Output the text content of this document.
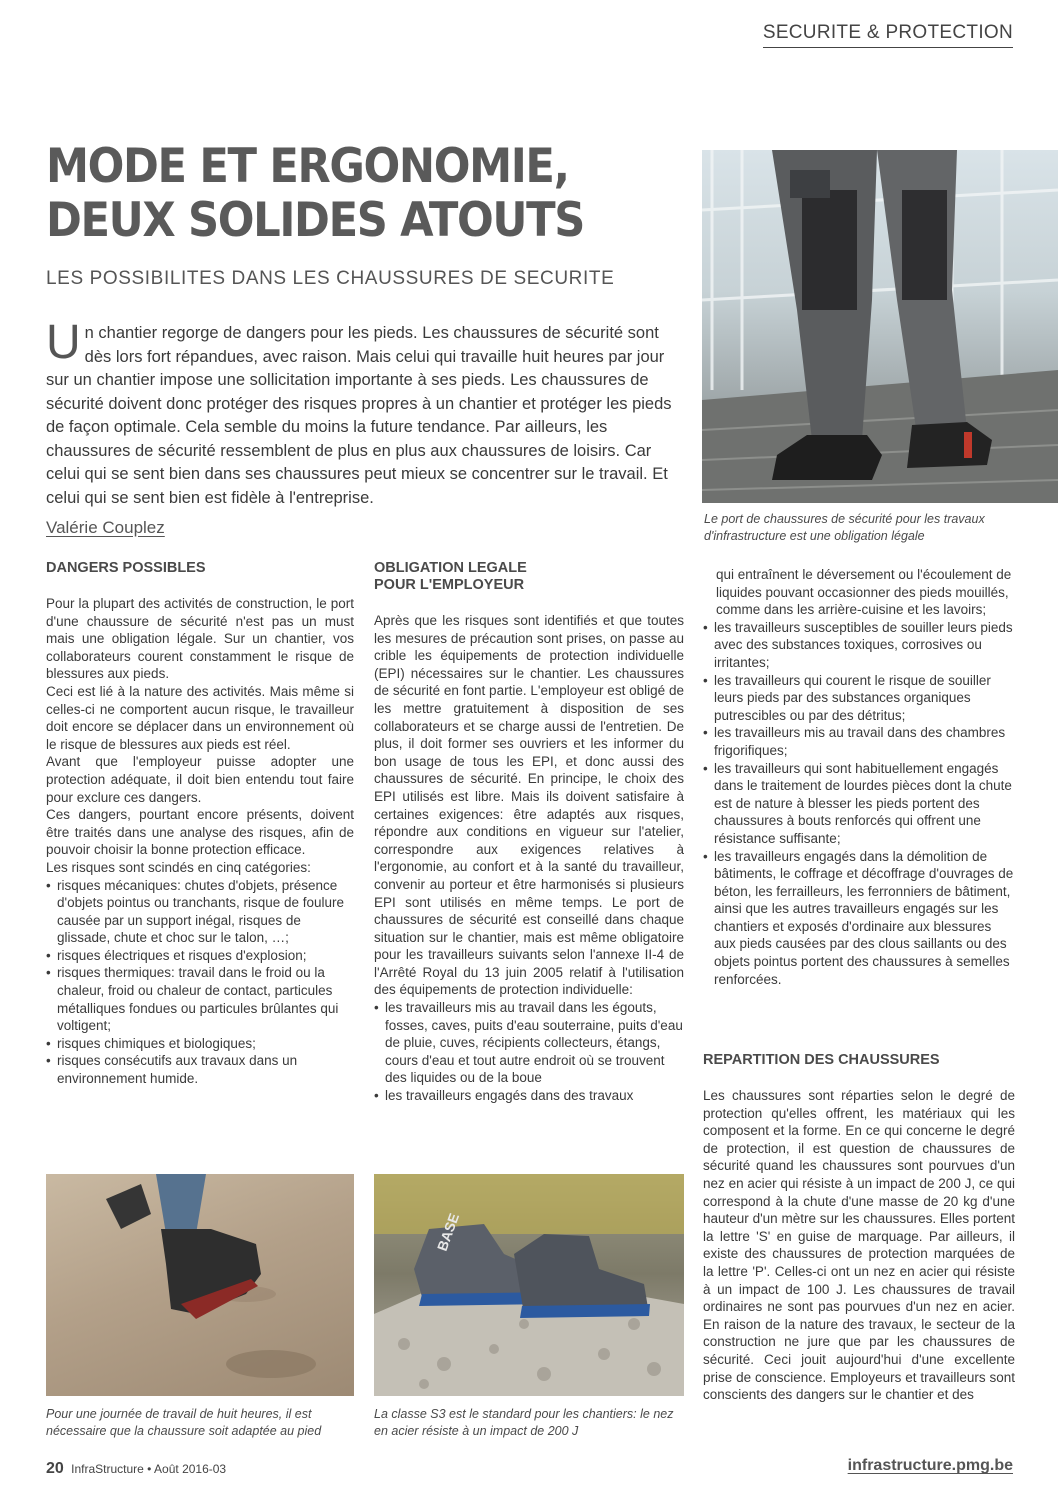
SECURITE & PROTECTION
MODE ET ERGONOMIE, DEUX SOLIDES ATOUTS
LES POSSIBILITES DANS LES CHAUSSURES DE SECURITE
Un chantier regorge de dangers pour les pieds. Les chaussures de sécurité sont dès lors fort répandues, avec raison. Mais celui qui travaille huit heures par jour sur un chantier impose une sollicitation importante à ses pieds. Les chaussures de sécurité doivent donc protéger des risques propres à un chantier et protéger les pieds de façon optimale. Cela semble du moins la future tendance. Par ailleurs, les chaussures de sécurité ressemblent de plus en plus aux chaussures de loisirs. Car celui qui se sent bien dans ses chaussures peut mieux se concentrer sur le travail. Et celui qui se sent bien est fidèle à l'entreprise.
Valérie Couplez
DANGERS POSSIBLES

Pour la plupart des activités de construction, le port d'une chaussure de sécurité n'est pas un must mais une obligation légale. Sur un chantier, vos collaborateurs courent constamment le risque de blessures aux pieds.

Ceci est lié à la nature des activités. Mais même si celles-ci ne comportent aucun risque, le travailleur doit encore se déplacer dans un environnement où le risque de blessures aux pieds est réel.

Avant que l'employeur puisse adopter une protection adéquate, il doit bien entendu tout faire pour exclure ces dangers.

Ces dangers, pourtant encore présents, doivent être traités dans une analyse des risques, afin de pouvoir choisir la bonne protection efficace.

Les risques sont scindés en cinq catégories:

• risques mécaniques: chutes d'objets, présence d'objets pointus ou tranchants, risque de foulure causée par un support inégal, risques de glissade, chute et choc sur le talon, …;
• risques électriques et risques d'explosion;
• risques thermiques: travail dans le froid ou la chaleur, froid ou chaleur de contact, particules métalliques fondues ou particules brûlantes qui voltigent;
• risques chimiques et biologiques;
• risques consécutifs aux travaux dans un environnement humide.
OBLIGATION LEGALE POUR L'EMPLOYEUR

Après que les risques sont identifiés et que toutes les mesures de précaution sont prises, on passe au crible les équipements de protection individuelle (EPI) nécessaires sur le chantier. Les chaussures de sécurité en font partie. L'employeur est obligé de les mettre gratuitement à disposition de ses collaborateurs et se charge aussi de l'entretien. De plus, il doit former ses ouvriers et les informer du bon usage de tous les EPI, et donc aussi des chaussures de sécurité. En principe, le choix des EPI utilisés est libre. Mais ils doivent satisfaire à certaines exigences: être adaptés aux risques, répondre aux conditions en vigueur sur l'atelier, correspondre aux exigences relatives à l'ergonomie, au confort et à la santé du travailleur, convenir au porteur et être harmonisés si plusieurs EPI sont utilisés en même temps. Le port de chaussures de sécurité est conseillé dans chaque situation sur le chantier, mais est même obligatoire pour les travailleurs suivants selon l'annexe II-4 de l'Arrêté Royal du 13 juin 2005 relatif à l'utilisation des équipements de protection individuelle:

• les travailleurs mis au travail dans les égouts, fosses, caves, puits d'eau souterraine, puits d'eau de pluie, cuves, récipients collecteurs, étangs, cours d'eau et tout autre endroit où se trouvent des liquides ou de la boue
• les travailleurs engagés dans des travaux
qui entraînent le déversement ou l'écoulement de liquides pouvant occasionner des pieds mouillés, comme dans les arrière-cuisine et les lavoirs;
• les travailleurs susceptibles de souiller leurs pieds avec des substances toxiques, corrosives ou irritantes;
• les travailleurs qui courent le risque de souiller leurs pieds par des substances organiques putrescibles ou par des détritus;
• les travailleurs mis au travail dans des chambres frigorifiques;
• les travailleurs qui sont habituellement engagés dans le traitement de lourdes pièces dont la chute est de nature à blesser les pieds portent des chaussures à bouts renforcés qui offrent une résistance suffisante;
• les travailleurs engagés dans la démolition de bâtiments, le coffrage et décoffrage d'ouvrages de béton, les ferrailleurs, les ferronniers de bâtiment, ainsi que les autres travailleurs engagés sur les chantiers et exposés d'ordinaire aux blessures aux pieds causées par des clous saillants ou des objets pointus portent des chaussures à semelles renforcées.
REPARTITION DES CHAUSSURES

Les chaussures sont réparties selon le degré de protection qu'elles offrent, les matériaux qui les composent et la forme. En ce qui concerne le degré de protection, il est question de chaussures de sécurité quand les chaussures sont pourvues d'un nez en acier qui résiste à un impact de 200 J, ce qui correspond à la chute d'une masse de 20 kg d'une hauteur d'un mètre sur les chaussures. Elles portent la lettre 'S' en guise de marquage. Par ailleurs, il existe des chaussures de protection marquées de la lettre 'P'. Celles-ci ont un nez en acier qui résiste à un impact de 100 J. Les chaussures de travail ordinaires ne sont pas pourvues d'un nez en acier. En raison de la nature des travaux, le secteur de la construction ne jure que par les chaussures de sécurité. Ceci jouit aujourd'hui d'une excellente prise de conscience. Employeurs et travailleurs sont conscients des dangers sur le chantier et des

Le port de chaussures de sécurité pour les travaux d'infrastructure est une obligation légale
Pour une journée de travail de huit heures, il est nécessaire que la chaussure soit adaptée au pied
BASE
La classe S3 est le standard pour les chantiers: le nez en acier résiste à un impact de 200 J
20 InfraStructure • Août 2016-03	infrastructure.pmg.be
